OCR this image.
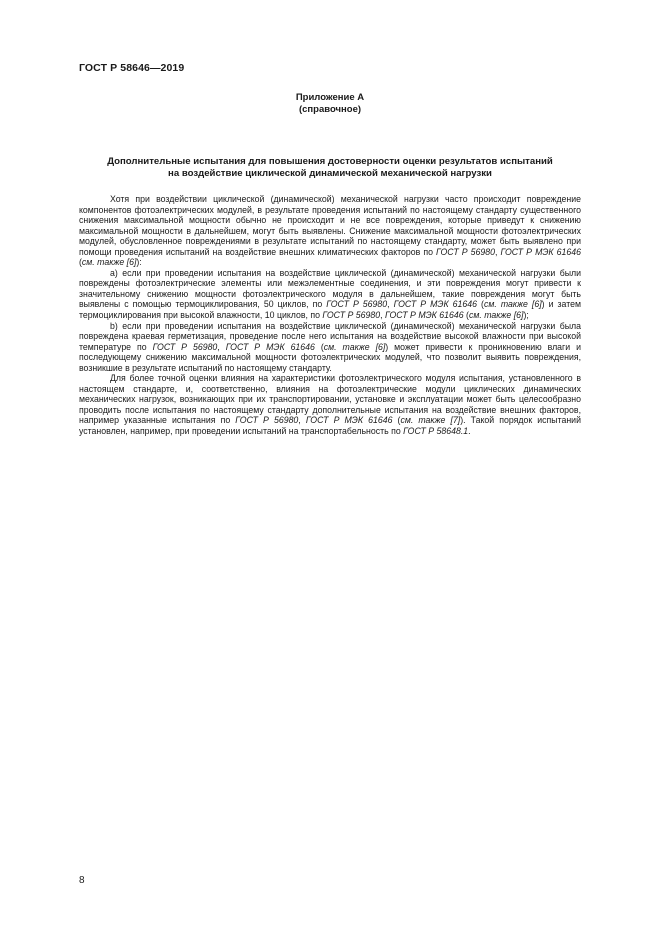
ГОСТ Р 58646—2019
Приложение А
(справочное)
Дополнительные испытания для повышения достоверности оценки результатов испытаний
на воздействие циклической динамической механической нагрузки

Хотя при воздействии циклической (динамической) механической нагрузки часто происходит повреждение компонентов фотоэлектрических модулей, в результате проведения испытаний по настоящему стандарту существенного снижения максимальной мощности обычно не происходит и не все повреждения, которые приведут к снижению максимальной мощности в дальнейшем, могут быть выявлены. Снижение максимальной мощности фотоэлектрических модулей, обусловленное повреждениями в результате испытаний по настоящему стандарту, может быть выявлено при помощи проведения испытаний на воздействие внешних климатических факторов по ГОСТ Р 56980, ГОСТ Р МЭК 61646 (см. также [6]):

a) если при проведении испытания на воздействие циклической (динамической) механической нагрузки были повреждены фотоэлектрические элементы или межэлементные соединения, и эти повреждения могут привести к значительному снижению мощности фотоэлектрического модуля в дальнейшем, такие повреждения могут быть выявлены с помощью термоциклирования, 50 циклов, по ГОСТ Р 56980, ГОСТ Р МЭК 61646 (см. также [6]) и затем термоциклирования при высокой влажности, 10 циклов, по ГОСТ Р 56980, ГОСТ Р МЭК 61646 (см. также [6]);

b) если при проведении испытания на воздействие циклической (динамической) механической нагрузки была повреждена краевая герметизация, проведение после него испытания на воздействие высокой влажности при высокой температуре по ГОСТ Р 56980, ГОСТ Р МЭК 61646 (см. также [6]) может привести к проникновению влаги и последующему снижению максимальной мощности фотоэлектрических модулей, что позволит выявить повреждения, возникшие в результате испытаний по настоящему стандарту.

Для более точной оценки влияния на характеристики фотоэлектрического модуля испытания, установленного в настоящем стандарте, и, соответственно, влияния на фотоэлектрические модули циклических динамических механических нагрузок, возникающих при их транспортировании, установке и эксплуатации может быть целесообразно проводить после испытания по настоящему стандарту дополнительные испытания на воздействие внешних факторов, например указанные испытания по ГОСТ Р 56980, ГОСТ Р МЭК 61646 (см. также [7]). Такой порядок испытаний установлен, например, при проведении испытаний на транспортабельность по ГОСТ Р 58648.1.

8
